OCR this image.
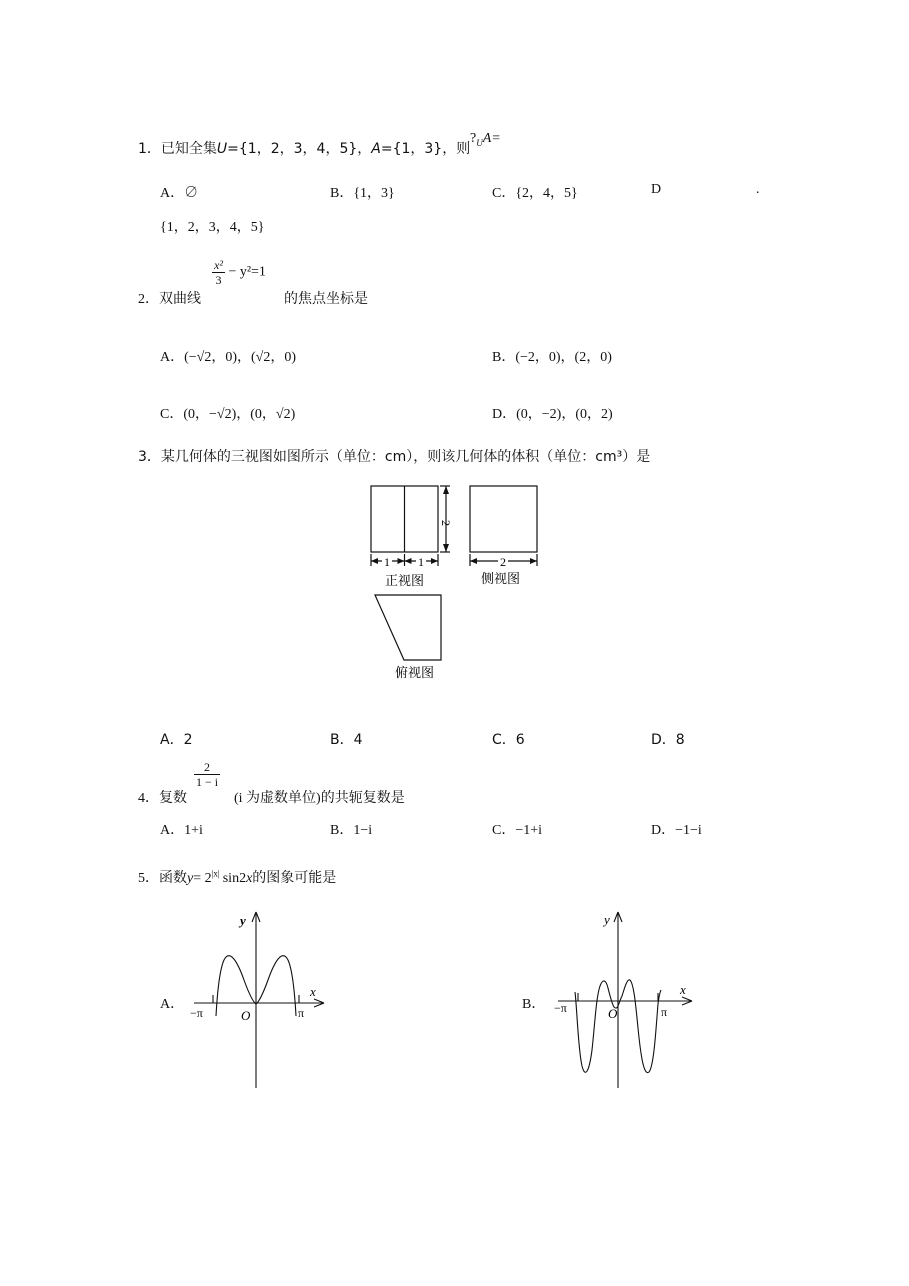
1．已知全集U={1，2，3，4，5}，A={1，3}，则
$?_UA=$
A．∅	B．{1，3}	C．{2，4，5}	D	.
{1，2，3，4，5}
2．双曲线
$\frac{\text{x²}}{3} - y^2=1$
的焦点坐标是
A．(−√2，0)，(√2，0)	B．(−2，0)，(2，0)
C．(0，−√2)，(0，√2)	D．(0，−2)，(0，2)
3．某几何体的三视图如图所示（单位：cm），则该几何体的体积（单位：cm³）是
2
1 1	2
正视图	侧视图
俯视图
A．2	B．4	C．6	D．8
4．复数
$\frac{2}{1 - i}$
(i 为虚数单位)的共轭复数是
A．1+i	B．1−i	C．−1+i	D．−1−i
5．函数$y= 2^{|x|}$ sin2x的图象可能是
A．	B．
y
x
O
−π	π
y
x
O
−π	π
